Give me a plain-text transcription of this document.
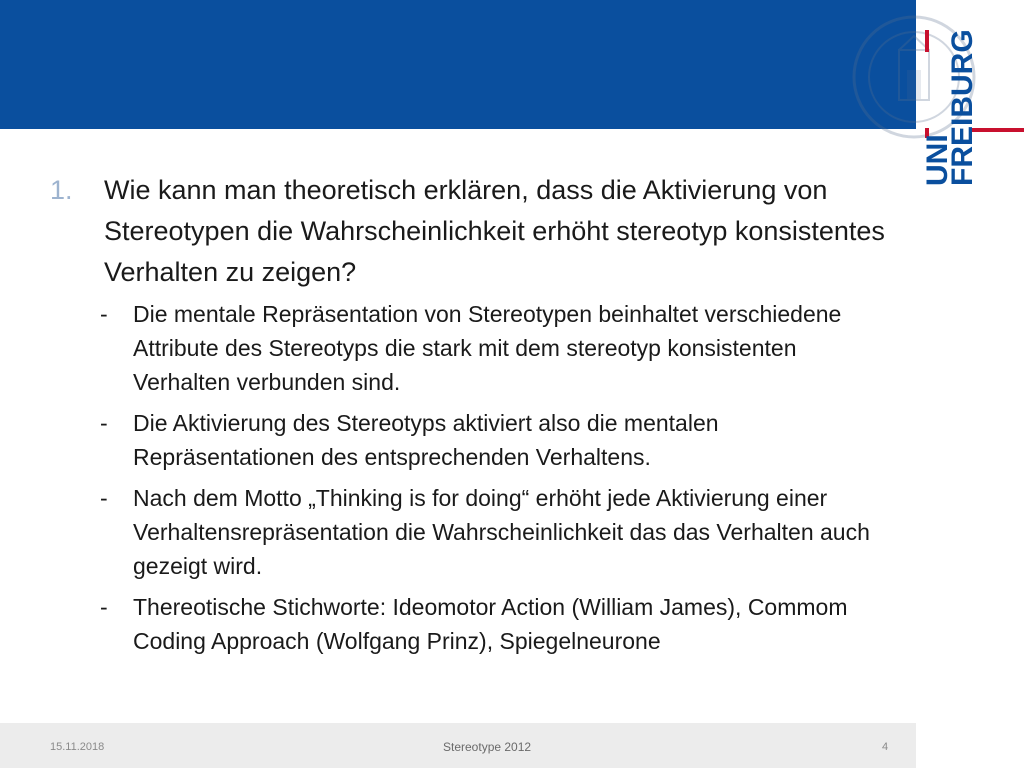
UNI
FREIBURG
1.	Wie kann man theoretisch erklären, dass die Aktivierung von Stereotypen die Wahrscheinlichkeit erhöht stereotyp konsistentes Verhalten zu zeigen?
-	Die mentale Repräsentation von Stereotypen beinhaltet verschiedene Attribute des Stereotyps die stark mit dem stereotyp konsistenten Verhalten verbunden sind.
-	Die Aktivierung des Stereotyps aktiviert also die mentalen Repräsentationen des entsprechenden Verhaltens.
-	Nach dem Motto „Thinking is for doing“ erhöht jede Aktivierung einer Verhaltensrepräsentation die Wahrscheinlichkeit das das Verhalten auch gezeigt wird.
-	Thereotische Stichworte: Ideomotor Action (William James), Commom Coding Approach (Wolfgang Prinz), Spiegelneurone
15.11.2018	Stereotype 2012	4
